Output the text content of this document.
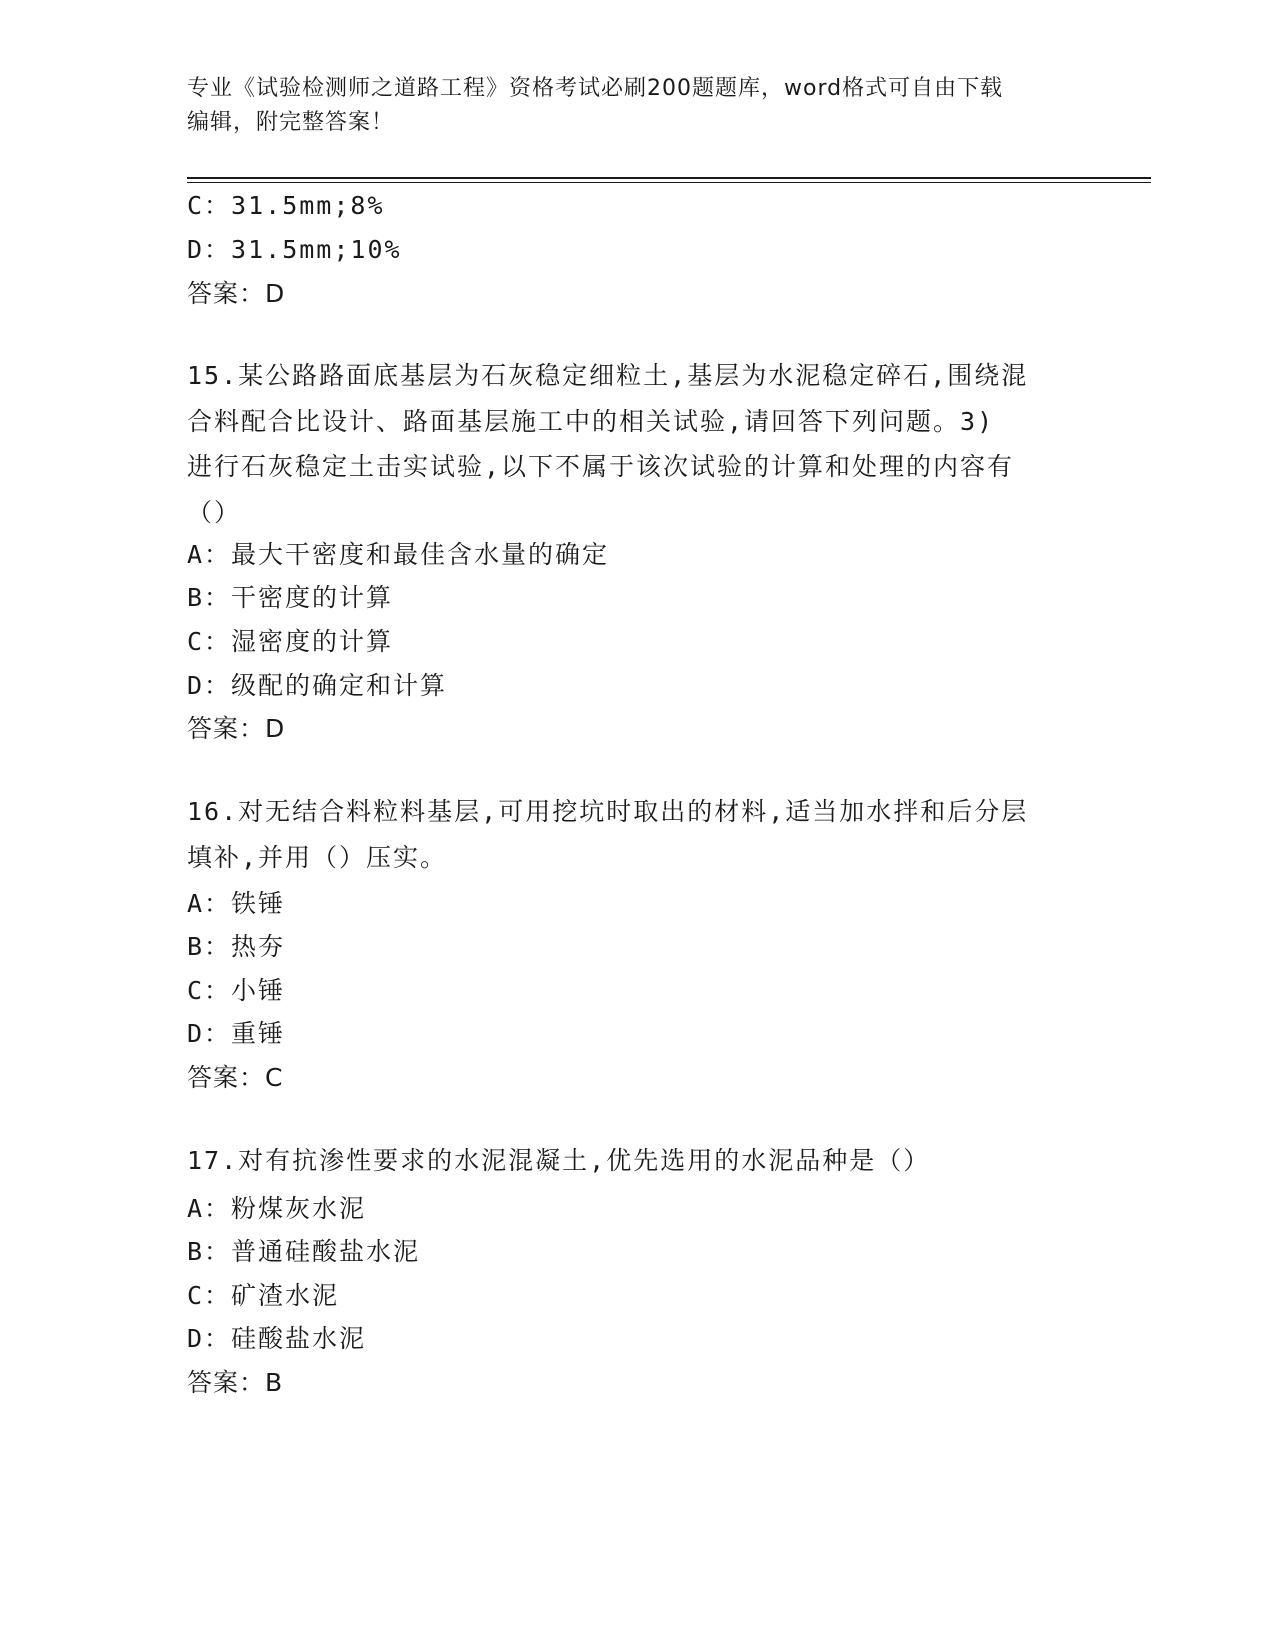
专业《试验检测师之道路工程》资格考试必刷200题题库，word格式可自由下载
编辑，附完整答案！
C：31.5mm;8%
D：31.5mm;10%
答案：D
15.某公路路面底基层为石灰稳定细粒土,基层为水泥稳定碎石,围绕混
合料配合比设计、路面基层施工中的相关试验,请回答下列问题。3)
进行石灰稳定土击实试验,以下不属于该次试验的计算和处理的内容有
（）
A：最大干密度和最佳含水量的确定
B：干密度的计算
C：湿密度的计算
D：级配的确定和计算
答案：D
16.对无结合料粒料基层,可用挖坑时取出的材料,适当加水拌和后分层
填补,并用（）压实。
A：铁锤
B：热夯
C：小锤
D：重锤
答案：C
17.对有抗渗性要求的水泥混凝土,优先选用的水泥品种是（）
A：粉煤灰水泥
B：普通硅酸盐水泥
C：矿渣水泥
D：硅酸盐水泥
答案：B
